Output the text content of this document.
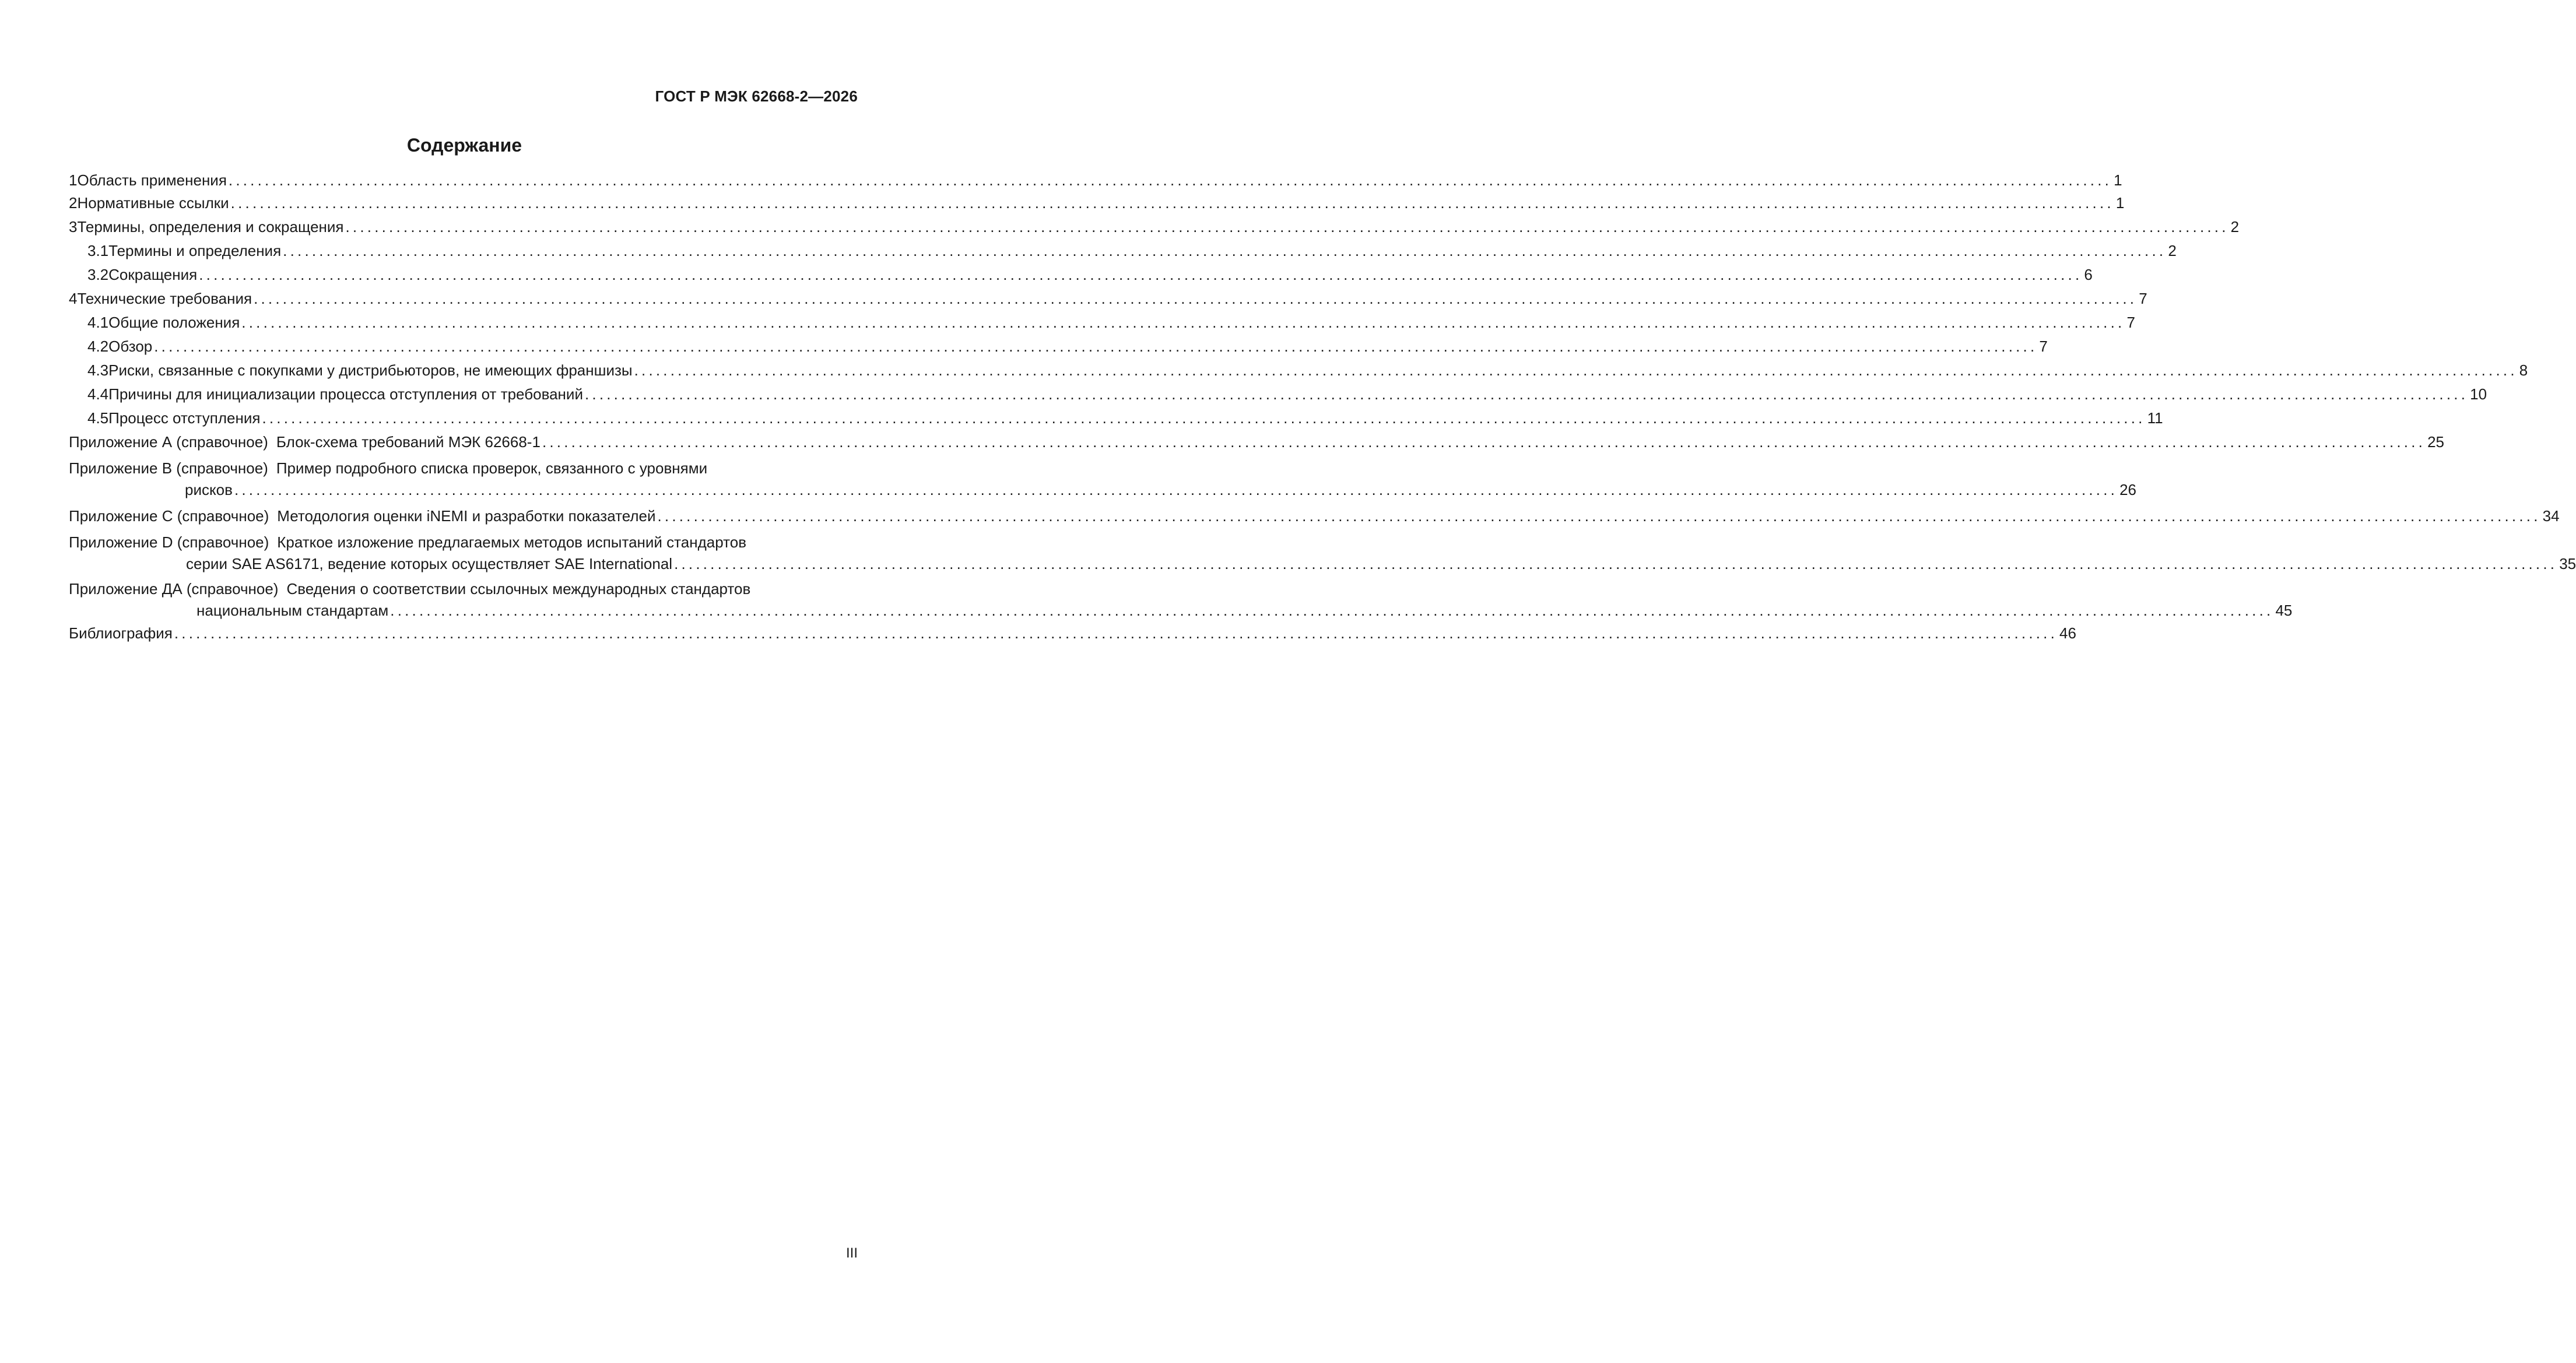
ГОСТ Р МЭК 62668-2—2026
Содержание
1 Область применения .................................................................................................................................................................................................................................................................... 1
2 Нормативные ссылки .................................................................................................................................................................................................................................................................... 1
3 Термины, определения и сокращения .................................................................................................................................................................................................................................................................... 2
3.1 Термины и определения .................................................................................................................................................................................................................................................................... 2
3.2 Сокращения .................................................................................................................................................................................................................................................................... 6
4 Технические требования .................................................................................................................................................................................................................................................................... 7
4.1 Общие положения .................................................................................................................................................................................................................................................................... 7
4.2 Обзор .................................................................................................................................................................................................................................................................... 7
4.3 Риски, связанные с покупками у дистрибьюторов, не имеющих франшизы .................................................................................................................................................................................................................................................................... 8
4.4 Причины для инициализации процесса отступления от требований .................................................................................................................................................................................................................................................................... 10
4.5 Процесс отступления .................................................................................................................................................................................................................................................................... 11
Приложение А (справочное) Блок-схема требований МЭК 62668-1 .................................................................................................................................................................................................................................................................... 25
Приложение В (справочное) Пример подробного списка проверок, связанного с уровнями
рисков .................................................................................................................................................................................................................................................................... 26
Приложение С (справочное) Методология оценки iNEMI и разработки показателей .................................................................................................................................................................................................................................................................... 34
Приложение D (справочное) Краткое изложение предлагаемых методов испытаний стандартов
серии SAE AS6171, ведение которых осуществляет SAE International .................................................................................................................................................................................................................................................................... 35
Приложение ДА (справочное) Сведения о соответствии ссылочных международных стандартов
национальным стандартам .................................................................................................................................................................................................................................................................... 45
Библиография .................................................................................................................................................................................................................................................................... 46
III
